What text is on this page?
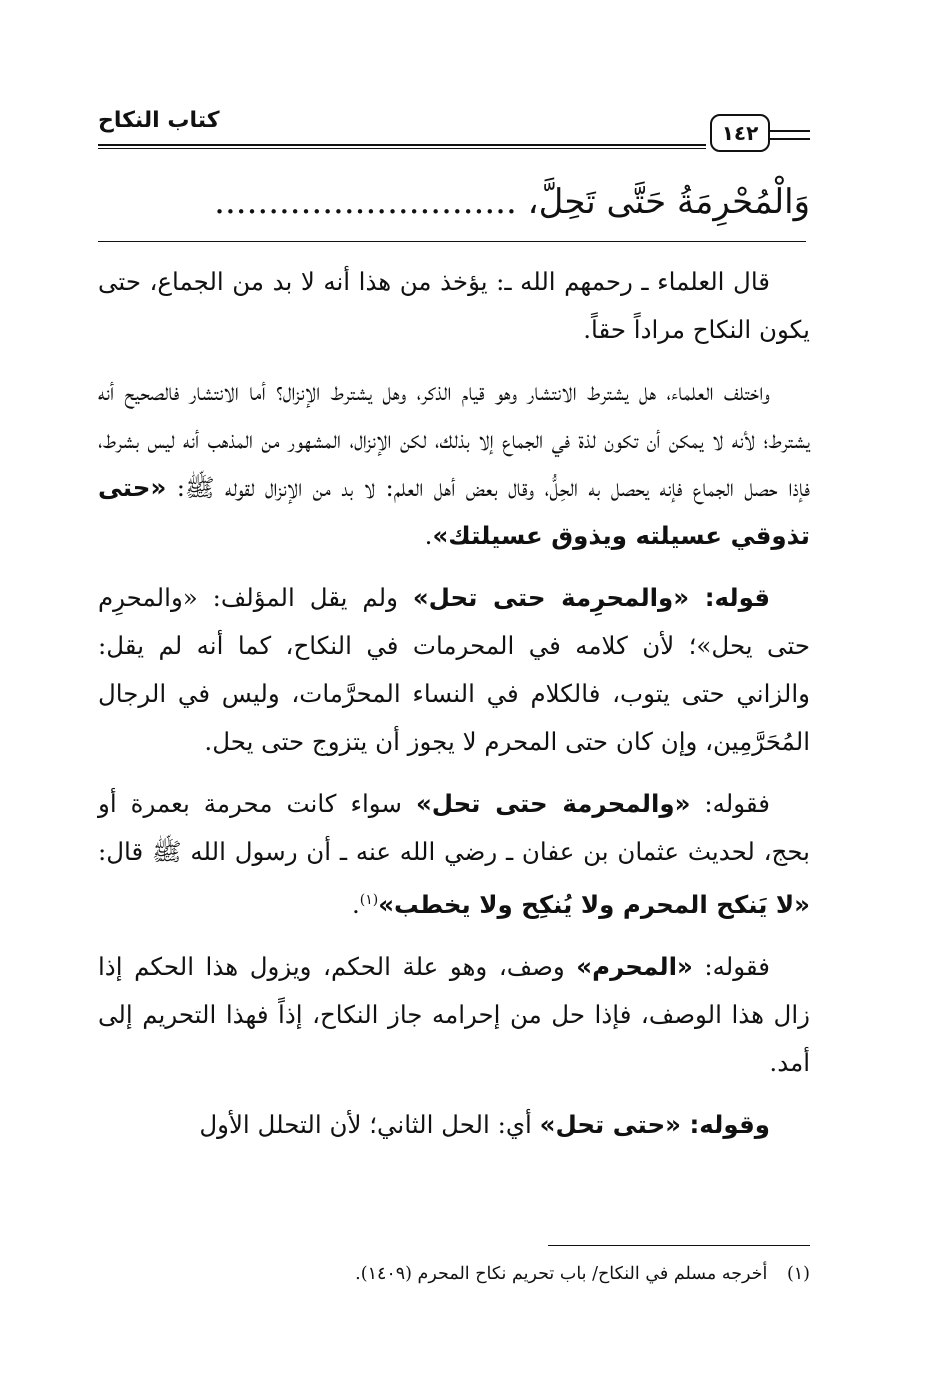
كتاب النكاح	١٤٢
وَالْمُحْرِمَةُ حَتَّى تَحِلَّ، ............................

قال العلماء ـ رحمهم الله ـ: يؤخذ من هذا أنه لا بد من الجماع، حتى يكون النكاح مراداً حقاً.

واختلف العلماء، هل يشترط الانتشار وهو قيام الذكر، وهل يشترط الإنزال؟ أما الانتشار فالصحيح أنه يشترط؛ لأنه لا يمكن أن تكون لذة في الجماع إلا بذلك، لكن الإنزال، المشهور من المذهب أنه ليس بشرط، فإذا حصل الجماع فإنه يحصل به الحِلُّ، وقال بعض أهل العلم: لا بد من الإنزال لقوله ﷺ: «حتى تذوقي عسيلته ويذوق عسيلتك».

قوله: «والمحرِمة حتى تحل» ولم يقل المؤلف: «والمحرِم حتى يحل»؛ لأن كلامه في المحرمات في النكاح، كما أنه لم يقل: والزاني حتى يتوب، فالكلام في النساء المحرَّمات، وليس في الرجال المُحَرَّمِين، وإن كان حتى المحرم لا يجوز أن يتزوج حتى يحل.

فقوله: «والمحرمة حتى تحل» سواء كانت محرمة بعمرة أو بحج، لحديث عثمان بن عفان ـ رضي الله عنه ـ أن رسول الله ﷺ قال: «لا يَنكح المحرم ولا يُنكِح ولا يخطب»$^{(١)}$.

فقوله: «المحرم» وصف، وهو علة الحكم، ويزول هذا الحكم إذا زال هذا الوصف، فإذا حل من إحرامه جاز النكاح، إذاً فهذا التحريم إلى أمد.

وقوله: «حتى تحل» أي: الحل الثاني؛ لأن التحلل الأول

(١) أخرجه مسلم في النكاح/ باب تحريم نكاح المحرم (١٤٠٩).
